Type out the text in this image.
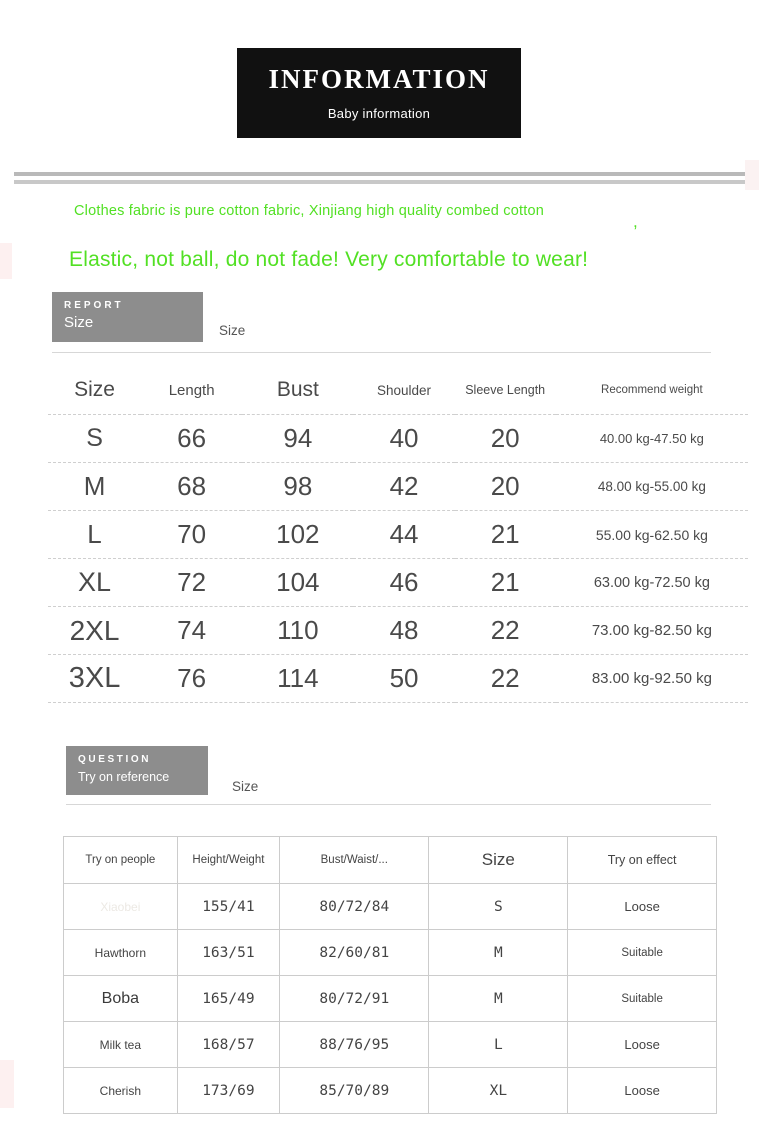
INFORMATION
Baby information
Clothes fabric is pure cotton fabric, Xinjiang high quality combed cotton
,
Elastic, not ball, do not fade! Very comfortable to wear!
REPORT
Size	Size
Size	Length	Bust	Shoulder	Sleeve Length	Recommend weight
S	66	94	40	20	40.00 kg-47.50 kg
M	68	98	42	20	48.00 kg-55.00 kg
L	70	102	44	21	55.00 kg-62.50 kg
XL	72	104	46	21	63.00 kg-72.50 kg
2XL	74	110	48	22	73.00 kg-82.50 kg
3XL	76	114	50	22	83.00 kg-92.50 kg
QUESTION
Try on reference
Size
Try on people	Height/Weight	Bust/Waist/...	Size	Try on effect
Xiaobei	155/41	80/72/84	S	Loose
Hawthorn	163/51	82/60/81	M	Suitable
Boba	165/49	80/72/91	M	Suitable
Milk tea	168/57	88/76/95	L	Loose
Cherish	173/69	85/70/89	XL	Loose
